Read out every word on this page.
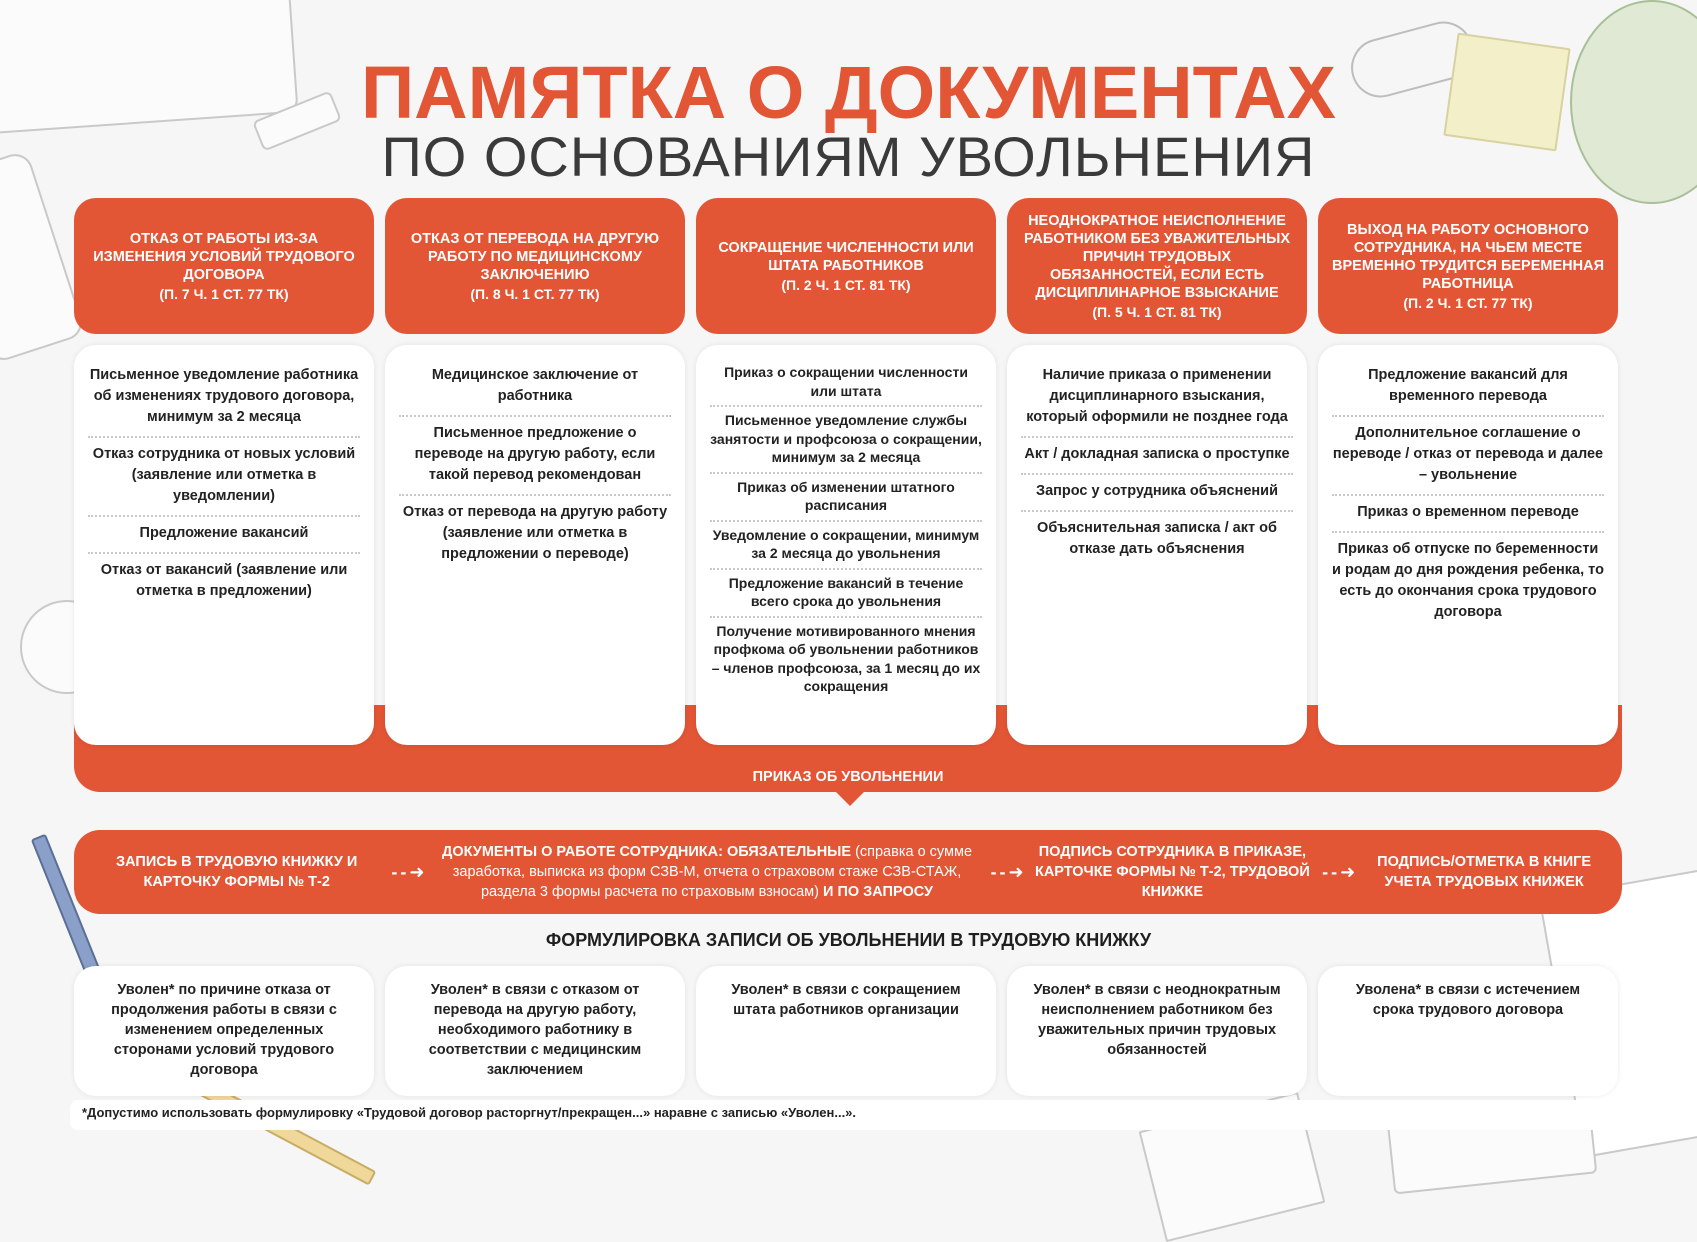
ПАМЯТКА О ДОКУМЕНТАХ
ПО ОСНОВАНИЯМ УВОЛЬНЕНИЯ
ОТКАЗ ОТ РАБОТЫ ИЗ-ЗА ИЗМЕНЕНИЯ УСЛОВИЙ ТРУДОВОГО ДОГОВОРА
(П. 7 Ч. 1 СТ. 77 ТК)
ОТКАЗ ОТ ПЕРЕВОДА НА ДРУГУЮ РАБОТУ ПО МЕДИЦИНСКОМУ ЗАКЛЮЧЕНИЮ
(П. 8 Ч. 1 СТ. 77 ТК)
СОКРАЩЕНИЕ ЧИСЛЕННОСТИ ИЛИ ШТАТА РАБОТНИКОВ
(П. 2 Ч. 1 СТ. 81 ТК)
НЕОДНОКРАТНОЕ НЕИСПОЛНЕНИЕ РАБОТНИКОМ БЕЗ УВАЖИТЕЛЬНЫХ ПРИЧИН ТРУДОВЫХ ОБЯЗАННОСТЕЙ, ЕСЛИ ЕСТЬ ДИСЦИПЛИНАРНОЕ ВЗЫСКАНИЕ
(П. 5 Ч. 1 СТ. 81 ТК)
ВЫХОД НА РАБОТУ ОСНОВНОГО СОТРУДНИКА, НА ЧЬЕМ МЕСТЕ ВРЕМЕННО ТРУДИТСЯ БЕРЕМЕННАЯ РАБОТНИЦА
(П. 2 Ч. 1 СТ. 77 ТК)
ПРИКАЗ ОБ УВОЛЬНЕНИИ
Письменное уведомление работника об изменениях трудового договора, минимум за 2 месяца
Отказ сотрудника от новых условий (заявление или отметка в уведомлении)
Предложение вакансий
Отказ от вакансий (заявление или отметка в предложении)
Медицинское заключение от работника
Письменное предложение о переводе на другую работу, если такой перевод рекомендован
Отказ от перевода на другую работу (заявление или отметка в предложении о переводе)
Приказ о сокращении численности или штата
Письменное уведомление службы занятости и профсоюза о сокращении, минимум за 2 месяца
Приказ об изменении штатного расписания
Уведомление о сокращении, минимум за 2 месяца до увольнения
Предложение вакансий в течение всего срока до увольнения
Получение мотивированного мнения профкома об увольнении работников – членов профсоюза, за 1 месяц до их сокращения
Наличие приказа о применении дисциплинарного взыскания, который оформили не позднее года
Акт / докладная записка о проступке
Запрос у сотрудника объяснений
Объяснительная записка / акт об отказе дать объяснения
Предложение вакансий для временного перевода
Дополнительное соглашение о переводе / отказ от перевода и далее – увольнение
Приказ о временном переводе
Приказ об отпуске по беременности и родам до дня рождения ребенка, то есть до окончания срока трудового договора
ЗАПИСЬ В ТРУДОВУЮ КНИЖКУ И КАРТОЧКУ ФОРМЫ № Т-2
- - ➜
ДОКУМЕНТЫ О РАБОТЕ СОТРУДНИКА: ОБЯЗАТЕЛЬНЫЕ (справка о сумме заработка, выписка из форм СЗВ-М, отчета о страховом стаже СЗВ-СТАЖ, раздела 3 формы расчета по страховым взносам) И ПО ЗАПРОСУ
- - ➜
ПОДПИСЬ СОТРУДНИКА В ПРИКАЗЕ, КАРТОЧКЕ ФОРМЫ № Т-2, ТРУДОВОЙ КНИЖКЕ
- - ➜	ПОДПИСЬ/ОТМЕТКА В КНИГЕ УЧЕТА ТРУДОВЫХ КНИЖЕК
ФОРМУЛИРОВКА ЗАПИСИ ОБ УВОЛЬНЕНИИ В ТРУДОВУЮ КНИЖКУ
Уволен* по причине отказа от продолжения работы в связи с изменением определенных сторонами условий трудового договора
Уволен* в связи с отказом от перевода на другую работу, необходимого работнику в соответствии с медицинским заключением
Уволен* в связи с сокращением штата работников организации
Уволен* в связи с неоднократным неисполнением работником без уважительных причин трудовых обязанностей
Уволена* в связи с истечением срока трудового договора
*Допустимо использовать формулировку «Трудовой договор расторгнут/прекращен...» наравне с записью «Уволен...».
